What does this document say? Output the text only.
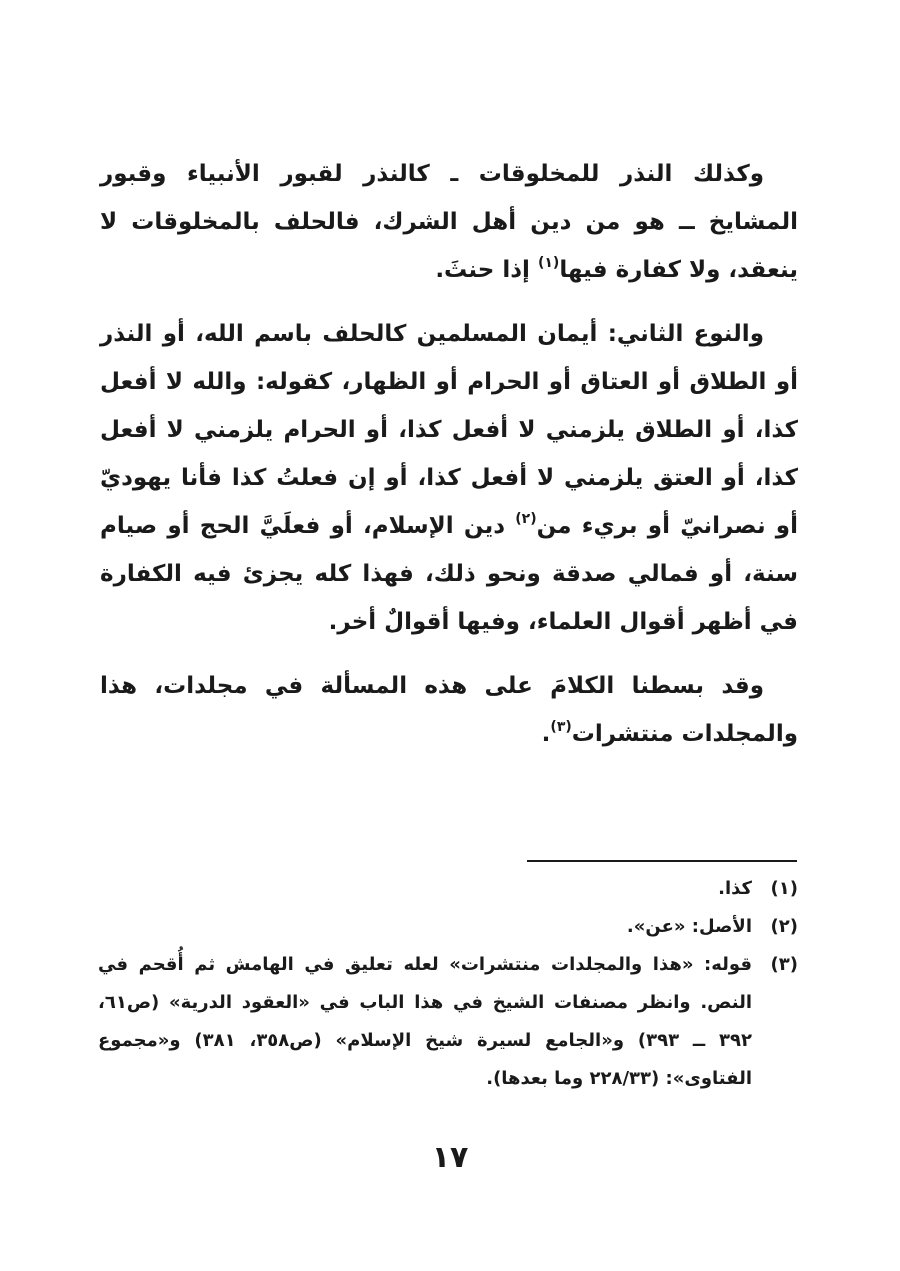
وكذلك النذر للمخلوقات ـ كالنذر لقبور الأنبياء وقبور المشايخ ــ هو من دين أهل الشرك، فالحلف بالمخلوقات لا ينعقد، ولا كفارة فيها$^{(١)}$ إذا حنثَ.

والنوع الثاني: أيمان المسلمين كالحلف باسم الله، أو النذر أو الطلاق أو العتاق أو الحرام أو الظهار، كقوله: والله لا أفعل كذا، أو الطلاق يلزمني لا أفعل كذا، أو الحرام يلزمني لا أفعل كذا، أو العتق يلزمني لا أفعل كذا، أو إن فعلتُ كذا فأنا يهوديّ أو نصرانيّ أو بريء من$^{(٢)}$ دين الإسلام، أو فعلَيَّ الحج أو صيام سنة، أو فمالي صدقة ونحو ذلك، فهذا كله يجزئ فيه الكفارة في أظهر أقوال العلماء، وفيها أقوالٌ أخر.

وقد بسطنا الكلامَ على هذه المسألة في مجلدات، هذا والمجلدات منتشرات$^{(٣)}$.

(١)
كذا.
(٢)
الأصل: «عن».
(٣)
قوله: «هذا والمجلدات منتشرات» لعله تعليق في الهامش ثم أُقحم في النص. وانظر مصنفات الشيخ في هذا الباب في «العقود الدرية» (ص٦١، ٣٩٢ ــ ٣٩٣) و«الجامع لسيرة شيخ الإسلام» (ص٣٥٨، ٣٨١) و«مجموع الفتاوى»: (٢٢٨/٣٣ وما بعدها).
١٧
